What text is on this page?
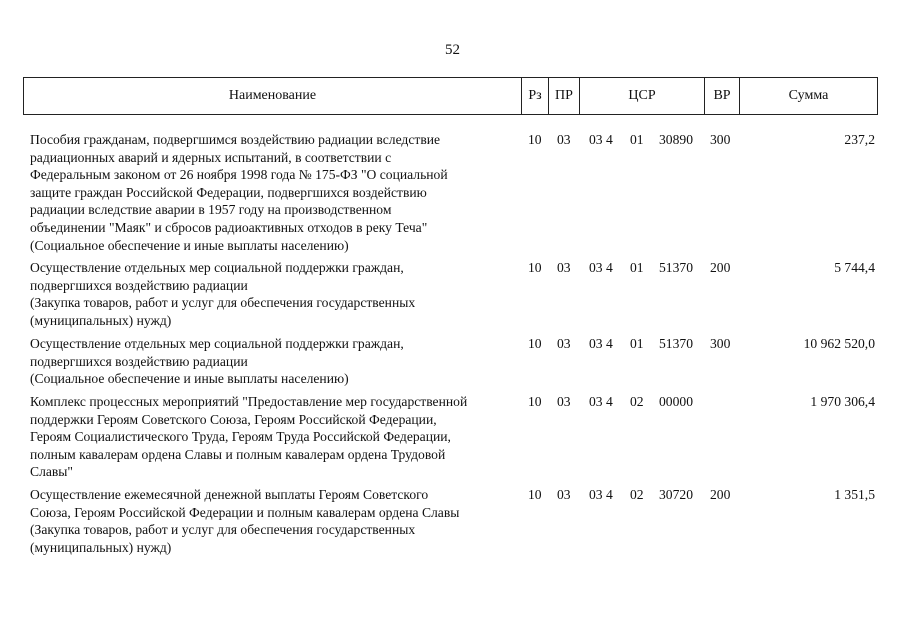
52
Наименование	Рз ПР	ЦСР	ВР	Сумма
Пособия гражданам, подвергшимся воздействию радиации вследствие
радиационных аварий и ядерных испытаний, в соответствии с
Федеральным законом от 26 ноября 1998 года № 175-ФЗ "О социальной
защите граждан Российской Федерации, подвергшихся воздействию
радиации вследствие аварии в 1957 году на производственном
объединении "Маяк" и сбросов радиоактивных отходов в реку Теча"
(Социальное обеспечение и иные выплаты населению)
10 03 03 4 01 30890 300	237,2
Осуществление отдельных мер социальной поддержки граждан,
подвергшихся воздействию радиации
(Закупка товаров, работ и услуг для обеспечения государственных
(муниципальных) нужд)
10 03 03 4 01 51370 200	5 744,4
Осуществление отдельных мер социальной поддержки граждан,
подвергшихся воздействию радиации
(Социальное обеспечение и иные выплаты населению)
10 03 03 4 01 51370 300	10 962 520,0
Комплекс процессных мероприятий "Предоставление мер государственной
поддержки Героям Советского Союза, Героям Российской Федерации,
Героям Социалистического Труда, Героям Труда Российской Федерации,
полным кавалерам ордена Славы и полным кавалерам ордена Трудовой
Славы"
10 03 03 4 02 00000	1 970 306,4
Осуществление ежемесячной денежной выплаты Героям Советского
Союза, Героям Российской Федерации и полным кавалерам ордена Славы
(Закупка товаров, работ и услуг для обеспечения государственных
(муниципальных) нужд)
10 03 03 4 02 30720 200	1 351,5
